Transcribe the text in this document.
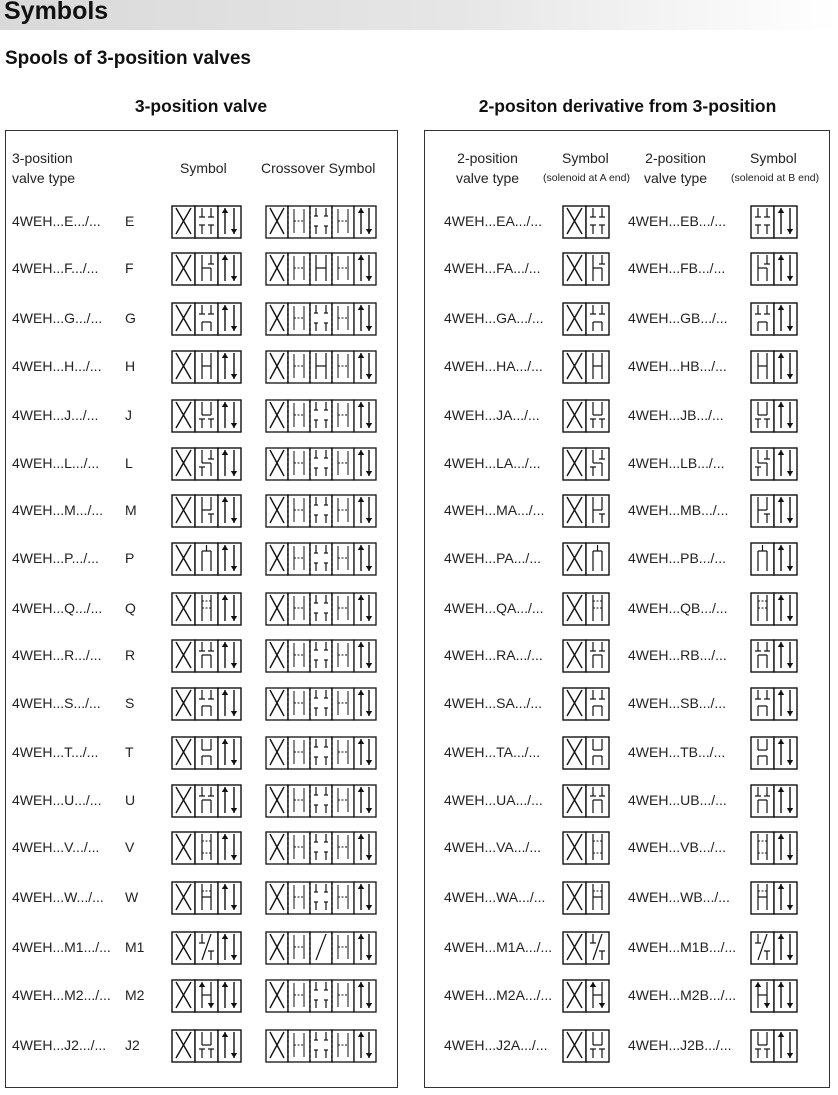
Symbols
Spools of 3-position valves
3-position valve	2-positon derivative from 3-position
3-position
valve type
Symbol Crossover Symbol
2-position
valve type
Symbol
(solenoid at A end)
2-position
valve type
Symbol
(solenoid at B end)
4WEH...E.../... E
4WEH...F.../... F
4WEH...G.../... G
4WEH...H.../... H
4WEH...J.../... J
4WEH...L.../... L
4WEH...M.../... M
4WEH...P.../... P
4WEH...Q.../... Q
4WEH...R.../... R
4WEH...S.../... S
4WEH...T.../... T
4WEH...U.../... U
4WEH...V.../... V
4WEH...W.../... W
4WEH...M1.../... M1
4WEH...M2.../... M2
4WEH...J2.../... J2
4WEH...EA.../...	4WEH...EB.../...
4WEH...FA.../...	4WEH...FB.../...
4WEH...GA.../...	4WEH...GB.../...
4WEH...HA.../...	4WEH...HB.../...
4WEH...JA.../...	4WEH...JB.../...
4WEH...LA.../...	4WEH...LB.../...
4WEH...MA.../...	4WEH...MB.../...
4WEH...PA.../...	4WEH...PB.../...
4WEH...QA.../...	4WEH...QB.../...
4WEH...RA.../...	4WEH...RB.../...
4WEH...SA.../...	4WEH...SB.../...
4WEH...TA.../...	4WEH...TB.../...
4WEH...UA.../...	4WEH...UB.../...
4WEH...VA.../...	4WEH...VB.../...
4WEH...WA.../...	4WEH...WB.../...
4WEH...M1A.../...	4WEH...M1B.../...
4WEH...M2A.../...	4WEH...M2B.../...
4WEH...J2A.../...	4WEH...J2B.../...
